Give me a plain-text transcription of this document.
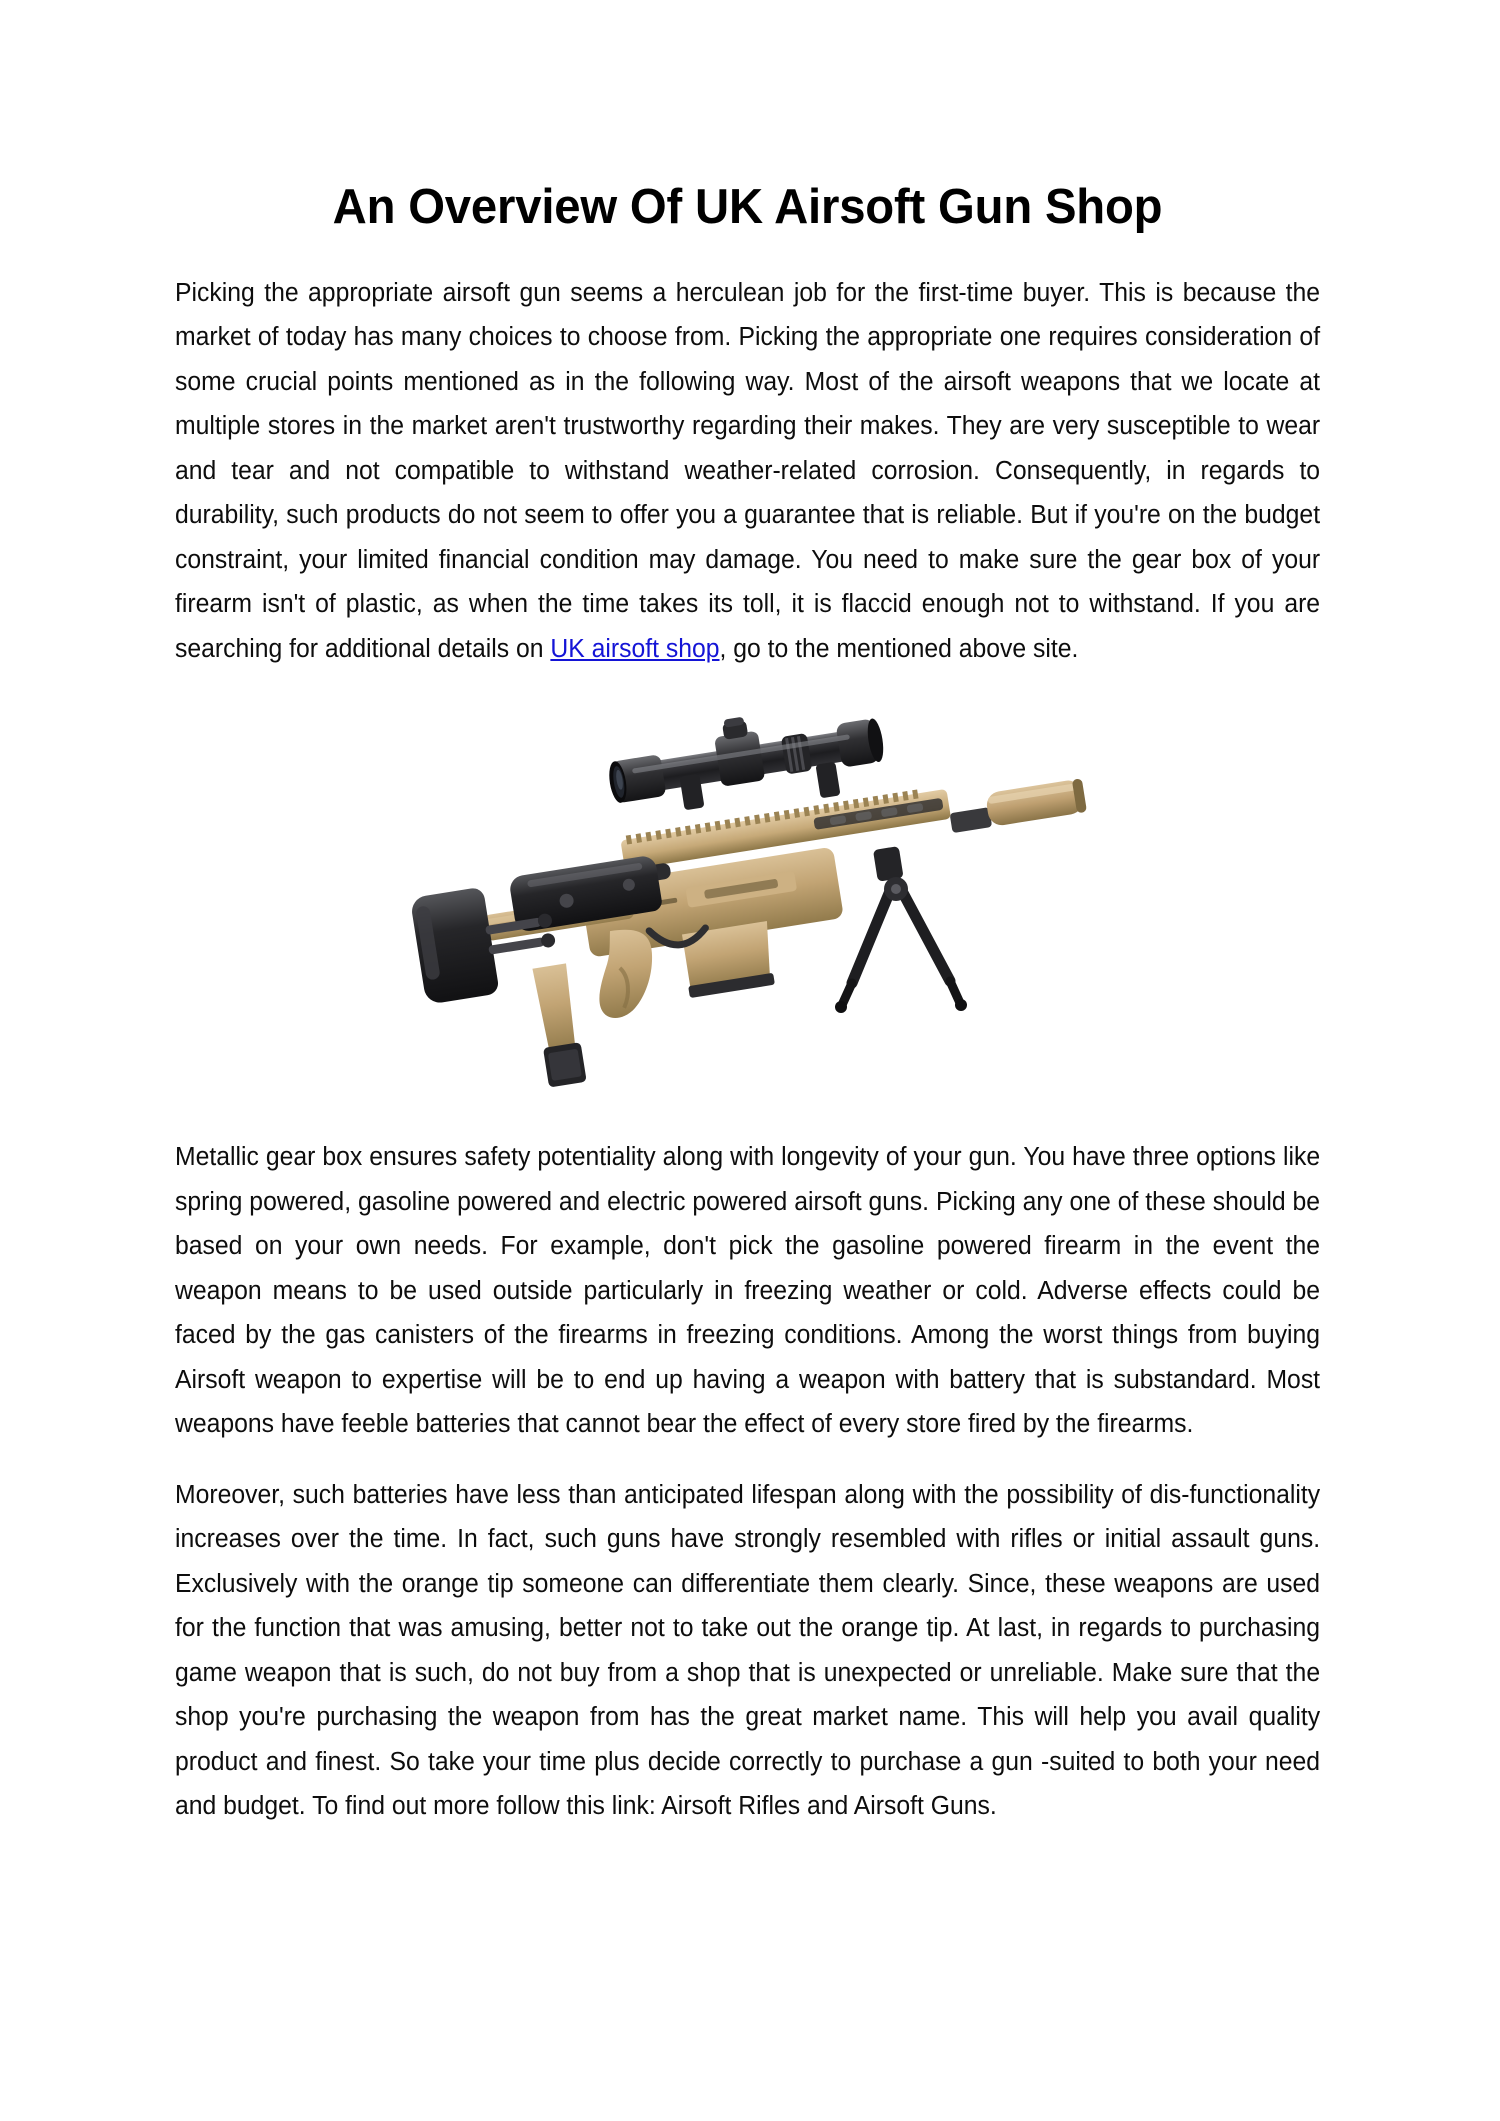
An Overview Of UK Airsoft Gun Shop

Picking the appropriate airsoft gun seems a herculean job for the first-time buyer. This is because the market of today has many choices to choose from. Picking the appropriate one requires consideration of some crucial points mentioned as in the following way. Most of the airsoft weapons that we locate at multiple stores in the market aren't trustworthy regarding their makes. They are very susceptible to wear and tear and not compatible to withstand weather-related corrosion. Consequently, in regards to durability, such products do not seem to offer you a guarantee that is reliable. But if you're on the budget constraint, your limited financial condition may damage. You need to make sure the gear box of your firearm isn't of plastic, as when the time takes its toll, it is flaccid enough not to withstand. If you are searching for additional details on UK airsoft shop, go to the mentioned above site.

Metallic gear box ensures safety potentiality along with longevity of your gun. You have three options like spring powered, gasoline powered and electric powered airsoft guns. Picking any one of these should be based on your own needs. For example, don't pick the gasoline powered firearm in the event the weapon means to be used outside particularly in freezing weather or cold. Adverse effects could be faced by the gas canisters of the firearms in freezing conditions. Among the worst things from buying Airsoft weapon to expertise will be to end up having a weapon with battery that is substandard. Most weapons have feeble batteries that cannot bear the effect of every store fired by the firearms.

Moreover, such batteries have less than anticipated lifespan along with the possibility of dis-functionality increases over the time. In fact, such guns have strongly resembled with rifles or initial assault guns. Exclusively with the orange tip someone can differentiate them clearly. Since, these weapons are used for the function that was amusing, better not to take out the orange tip. At last, in regards to purchasing game weapon that is such, do not buy from a shop that is unexpected or unreliable. Make sure that the shop you're purchasing the weapon from has the great market name. This will help you avail quality product and finest. So take your time plus decide correctly to purchase a gun -suited to both your need and budget. To find out more follow this link: Airsoft Rifles and Airsoft Guns.
